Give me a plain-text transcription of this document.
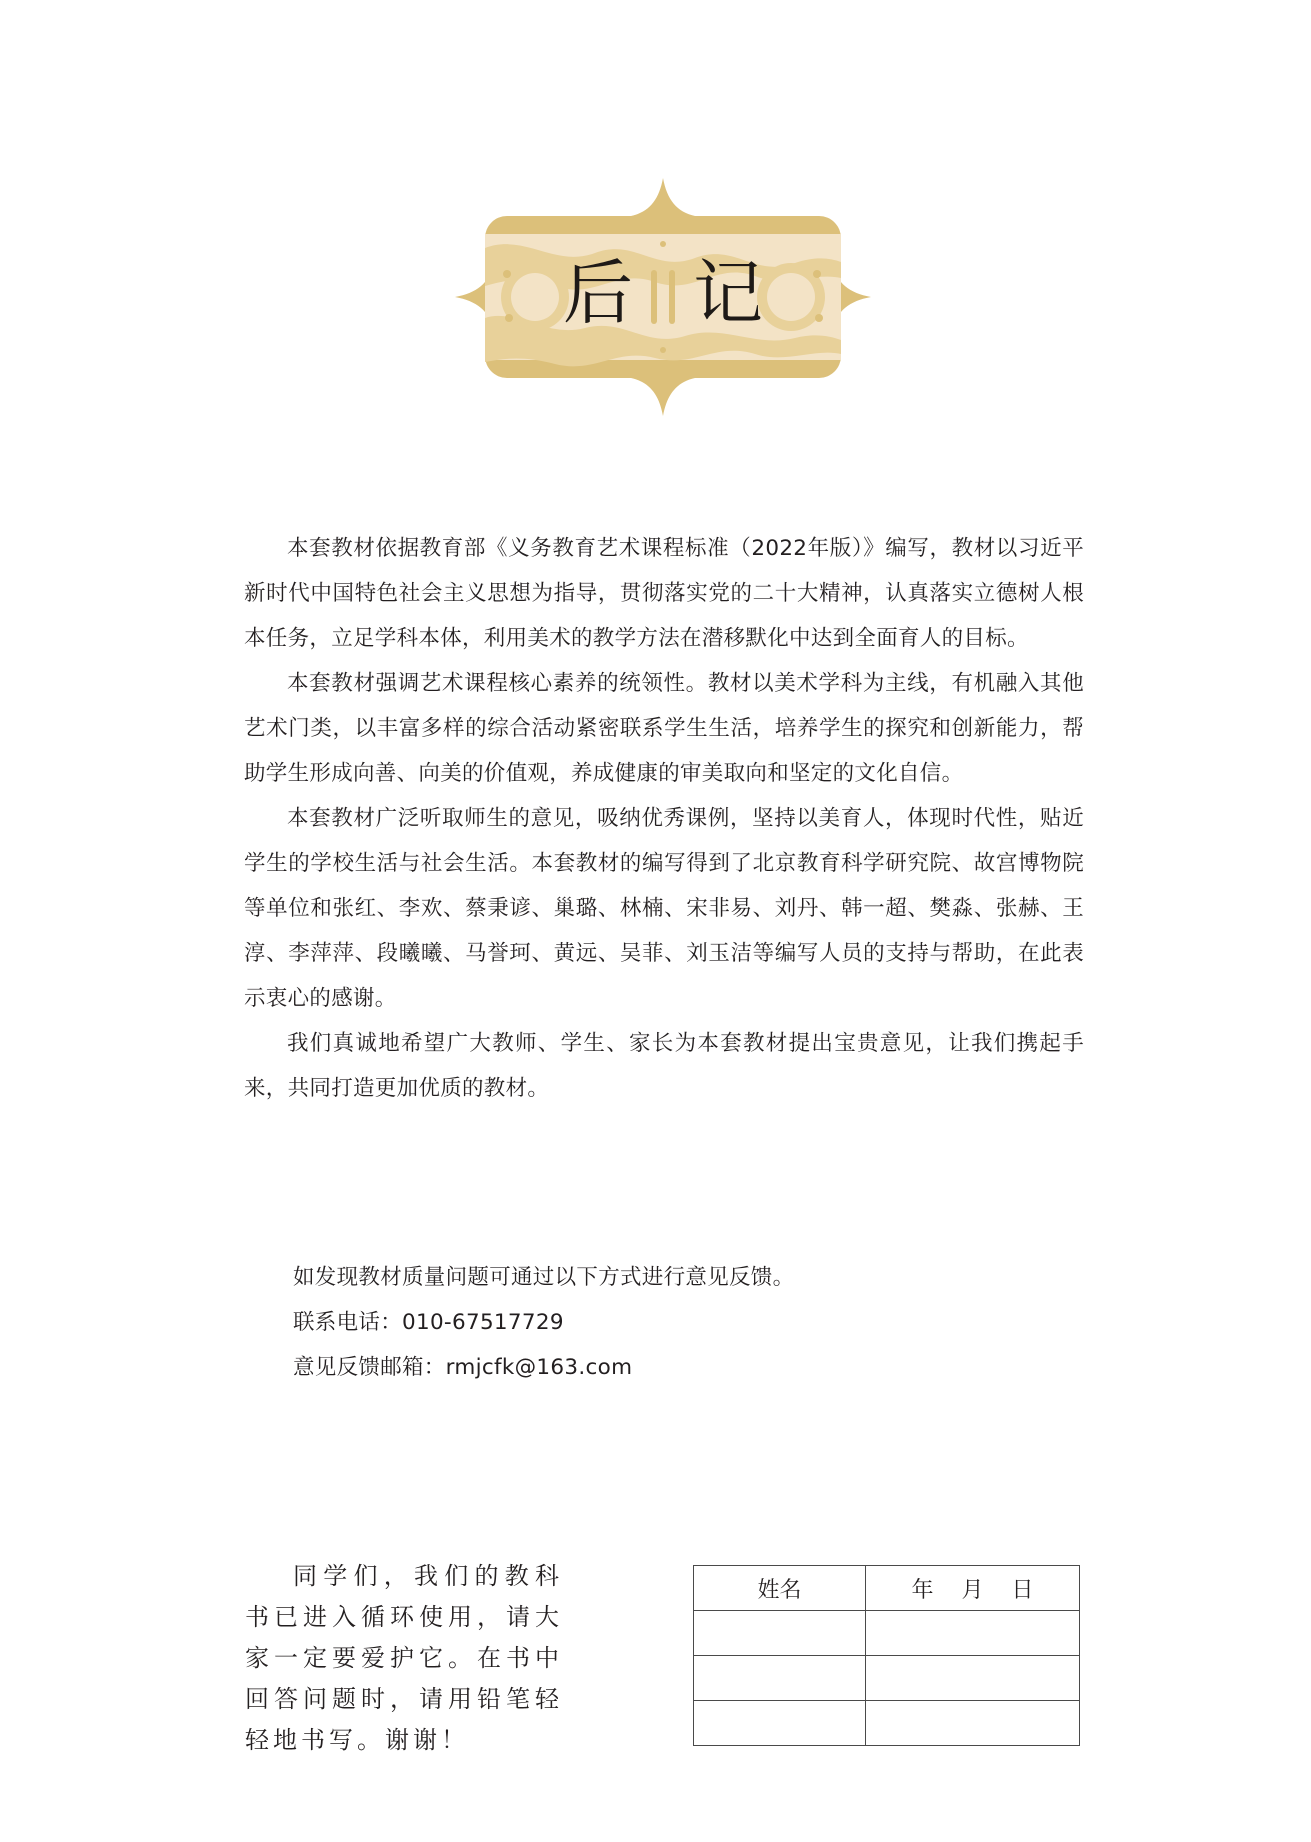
后记

本套教材依据教育部《义务教育艺术课程标准（2022年版）》编写，教材以习近平新时代中国特色社会主义思想为指导，贯彻落实党的二十大精神，认真落实立德树人根本任务，立足学科本体，利用美术的教学方法在潜移默化中达到全面育人的目标。

本套教材强调艺术课程核心素养的统领性。教材以美术学科为主线，有机融入其他艺术门类，以丰富多样的综合活动紧密联系学生生活，培养学生的探究和创新能力，帮助学生形成向善、向美的价值观，养成健康的审美取向和坚定的文化自信。

本套教材广泛听取师生的意见，吸纳优秀课例，坚持以美育人，体现时代性，贴近学生的学校生活与社会生活。本套教材的编写得到了北京教育科学研究院、故宫博物院等单位和张红、李欢、蔡秉谚、巢璐、林楠、宋非易、刘丹、韩一超、樊淼、张赫、王淳、李萍萍、段曦曦、马誉珂、黄远、吴菲、刘玉洁等编写人员的支持与帮助，在此表示衷心的感谢。

我们真诚地希望广大教师、学生、家长为本套教材提出宝贵意见，让我们携起手来，共同打造更加优质的教材。

如发现教材质量问题可通过以下方式进行意见反馈。
联系电话：010-67517729
意见反馈邮箱：rmjcfk@163.com
同学们，我们的教科书已进入循环使用，请大家一定要爱护它。在书中回答问题时，请用铅笔轻轻地书写。谢谢！
姓名	年 月 日
